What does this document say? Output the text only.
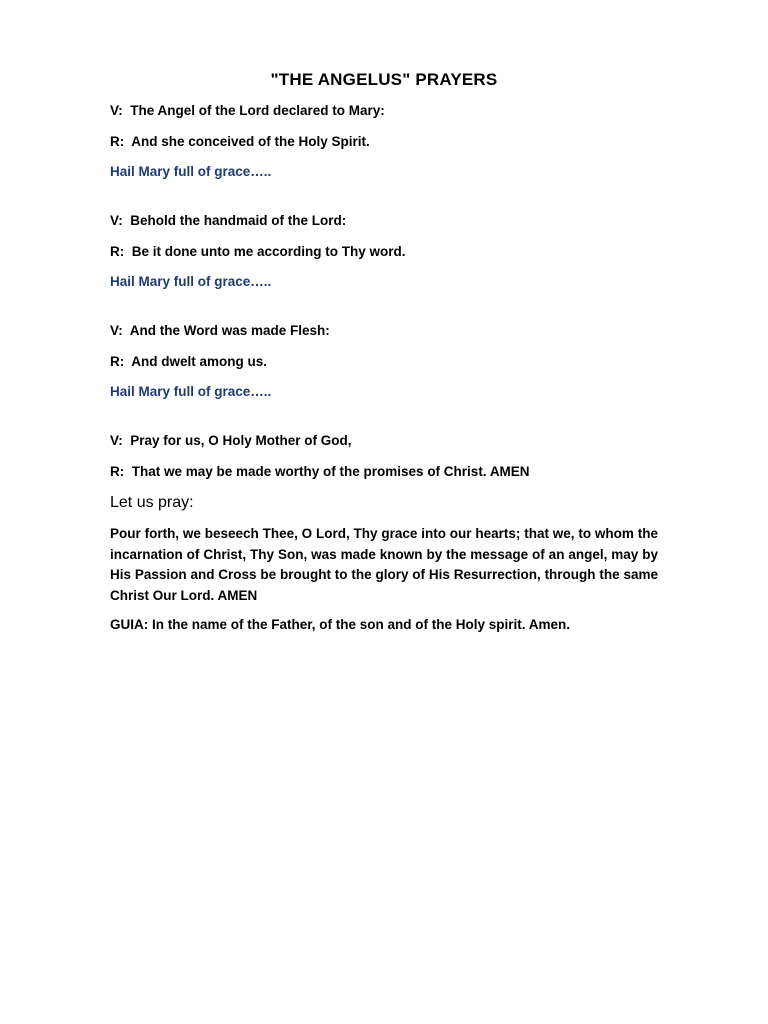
"THE ANGELUS" PRAYERS
V:  The Angel of the Lord declared to Mary:
R:  And she conceived of the Holy Spirit.
Hail Mary full of grace…..
V:  Behold the handmaid of the Lord:
R:  Be it done unto me according to Thy word.
Hail Mary full of grace…..
V:  And the Word was made Flesh:
R:  And dwelt among us.
Hail Mary full of grace…..
V:  Pray for us, O Holy Mother of God,
R:  That we may be made worthy of the promises of Christ. AMEN
Let us pray:
Pour forth, we beseech Thee, O Lord, Thy grace into our hearts; that we, to whom the incarnation of Christ, Thy Son, was made known by the message of an angel, may by His Passion and Cross be brought to the glory of His Resurrection, through the same Christ Our Lord. AMEN
GUIA: In the name of the Father, of the son and of the Holy spirit. Amen.
